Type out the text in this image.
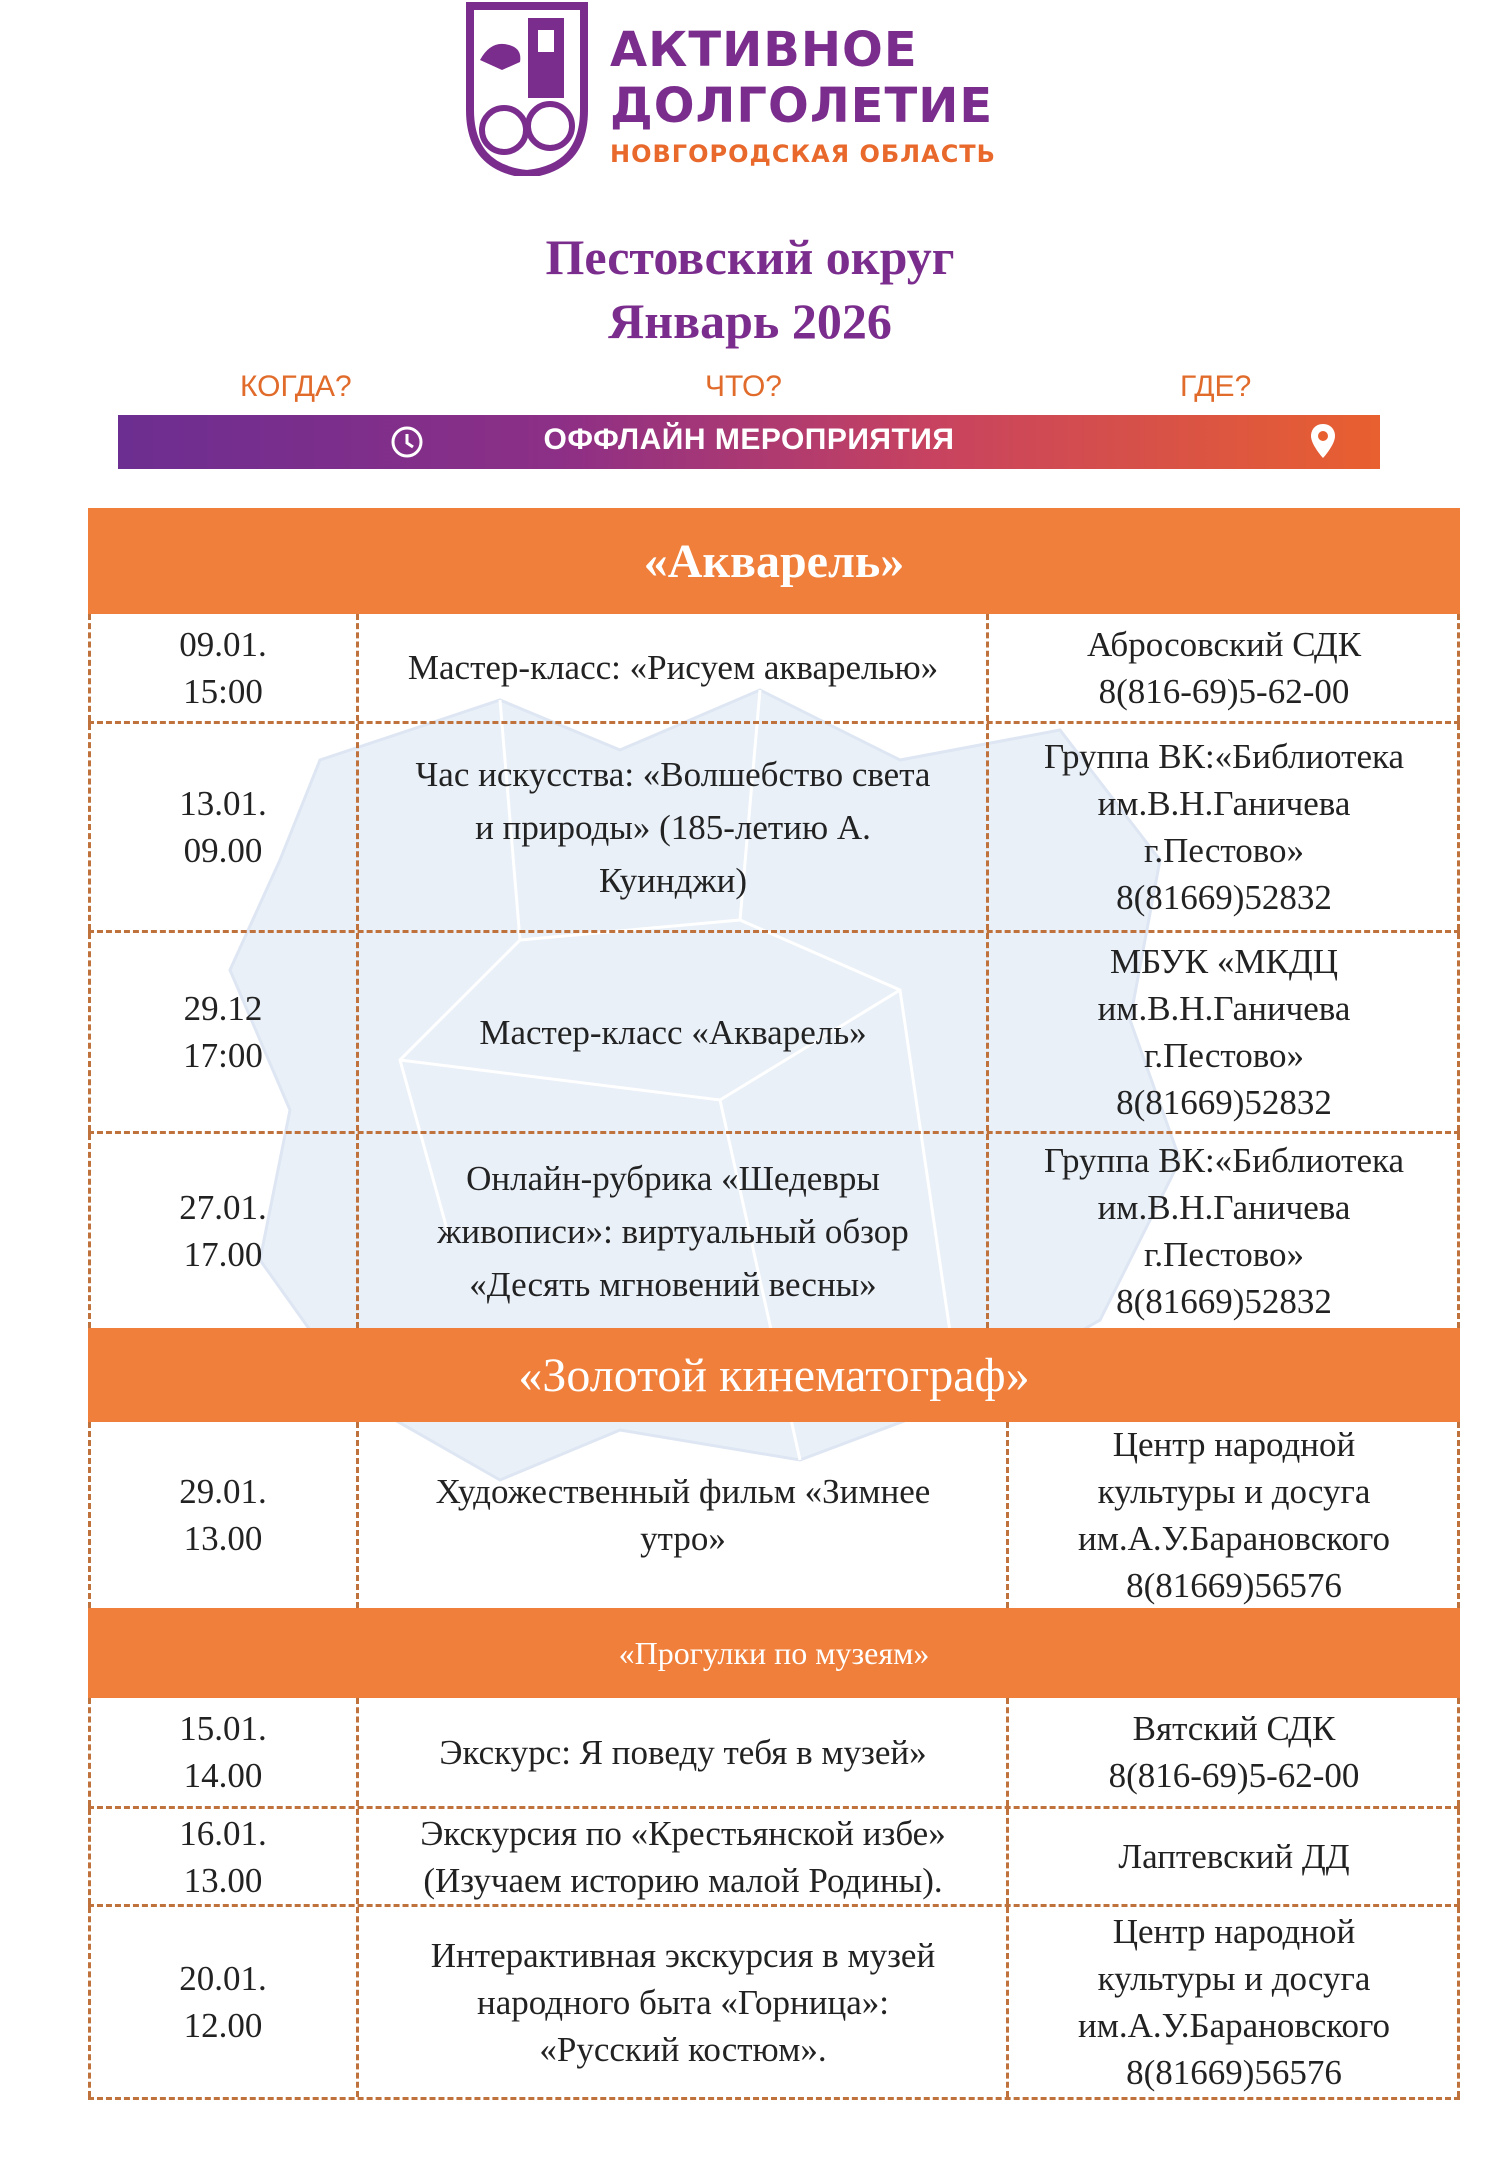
АКТИВНОЕ
ДОЛГОЛЕТИЕ
НОВГОРОДСКАЯ ОБЛАСТЬ
Пестовский округ
Январь 2026
КОГДА?	ЧТО?	ГДЕ?
ОФФЛАЙН МЕРОПРИЯТИЯ
«Акварель»
09.01.
15:00
Мастер-класс: «Рисуем акварелью»
Абросовский СДК
8(816-69)5-62-00
13.01.
09.00
Час искусства: «Волшебство света
и природы» (185-летию А.
Куинджи)
Группа ВК:«Библиотека
им.В.Н.Ганичева
г.Пестово»
8(81669)52832
29.12
17:00
Мастер-класс «Акварель»
МБУК «МКДЦ
им.В.Н.Ганичева
г.Пестово»
8(81669)52832
27.01.
17.00
Онлайн-рубрика «Шедевры
живописи»: виртуальный обзор
«Десять мгновений весны»
Группа ВК:«Библиотека
им.В.Н.Ганичева
г.Пестово»
8(81669)52832
«Золотой кинематограф»
29.01.
13.00
Художественный фильм «Зимнее
утро»
Центр народной
культуры и досуга
им.А.У.Барановского
8(81669)56576
«Прогулки по музеям»
15.01.
14.00
Экскурс: Я поведу тебя в музей»
Вятский СДК
8(816-69)5-62-00
16.01.
13.00
Экскурсия по «Крестьянской избе»
(Изучаем историю малой Родины).
Лаптевский ДД
20.01.
12.00
Интерактивная экскурсия в музей
народного быта «Горница»:
«Русский костюм».
Центр народной
культуры и досуга
им.А.У.Барановского
8(81669)56576
